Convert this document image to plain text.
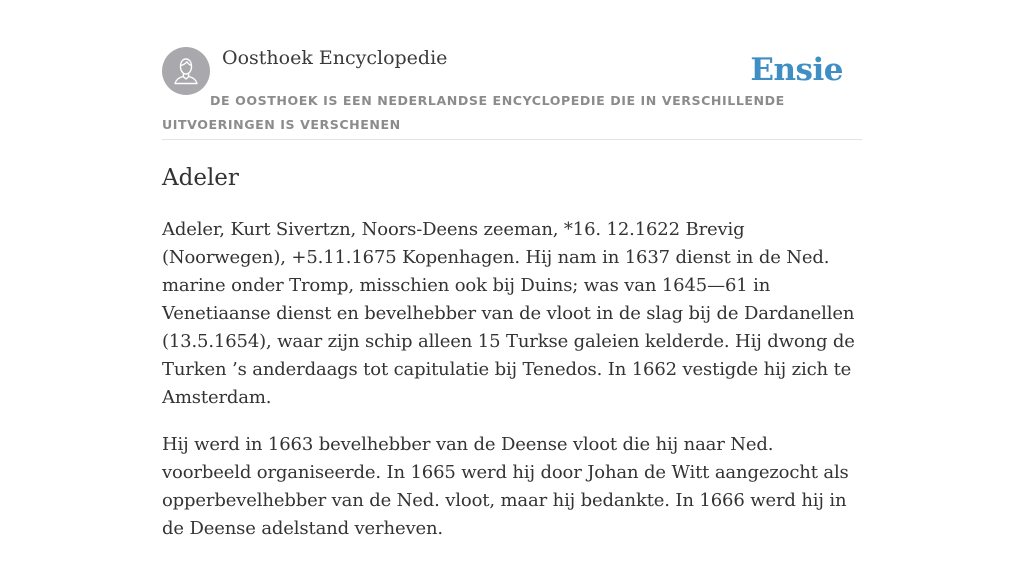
Oosthoek Encyclopedie	Ensie
DE OOSTHOEK IS EEN NEDERLANDSE ENCYCLOPEDIE DIE IN VERSCHILLENDE UITVOERINGEN IS VERSCHENEN
Adeler

Adeler, Kurt Sivertzn, Noors-Deens zeeman, *16. 12.1622 Brevig (Noorwegen), +5.11.1675 Kopenhagen. Hij nam in 1637 dienst in de Ned. marine onder Tromp, misschien ook bij Duins; was van 1645—61 in Venetiaanse dienst en bevelhebber van de vloot in de slag bij de Dardanellen (13.5.1654), waar zijn schip alleen 15 Turkse galeien kelderde. Hij dwong de Turken ’s anderdaags tot capitulatie bij Tenedos. In 1662 vestigde hij zich te Amsterdam.

Hij werd in 1663 bevelhebber van de Deense vloot die hij naar Ned. voorbeeld organiseerde. In 1665 werd hij door Johan de Witt aangezocht als opperbevelhebber van de Ned. vloot, maar hij bedankte. In 1666 werd hij in de Deense adelstand verheven.
